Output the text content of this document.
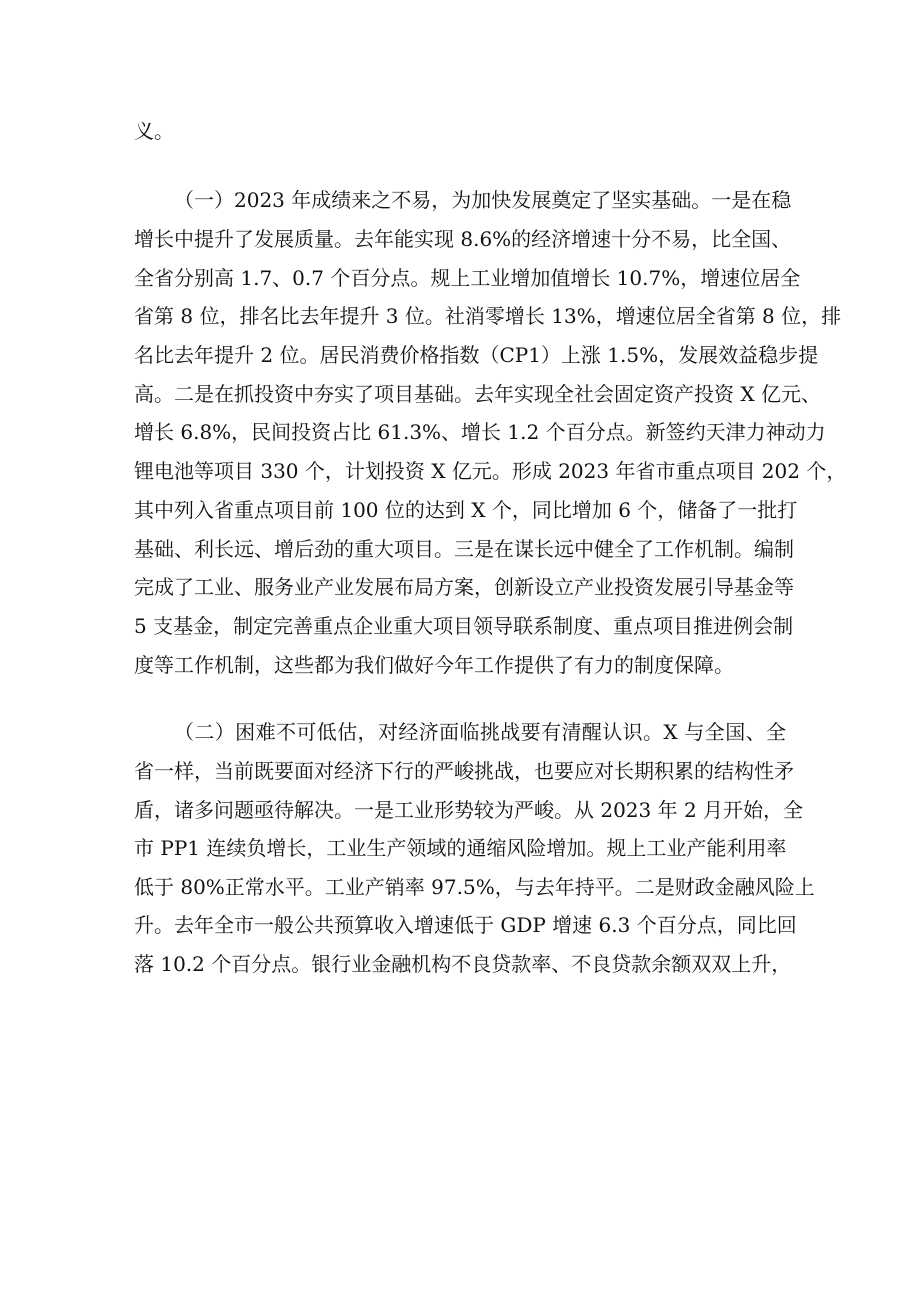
义。
（一）2023 年成绩来之不易，为加快发展奠定了坚实基础。一是在稳
增长中提升了发展质量。去年能实现 8.6%的经济增速十分不易，比全国、
全省分别高 1.7、0.7 个百分点。规上工业增加值增长 10.7%，增速位居全
省第 8 位，排名比去年提升 3 位。社消零增长 13%，增速位居全省第 8 位，排
名比去年提升 2 位。居民消费价格指数（CP1）上涨 1.5%，发展效益稳步提
高。二是在抓投资中夯实了项目基础。去年实现全社会固定资产投资 X 亿元、
增长 6.8%，民间投资占比 61.3%、增长 1.2 个百分点。新签约天津力神动力
锂电池等项目 330 个，计划投资 X 亿元。形成 2023 年省市重点项目 202 个，
其中列入省重点项目前 100 位的达到 X 个，同比增加 6 个，储备了一批打
基础、利长远、增后劲的重大项目。三是在谋长远中健全了工作机制。编制
完成了工业、服务业产业发展布局方案，创新设立产业投资发展引导基金等
5 支基金，制定完善重点企业重大项目领导联系制度、重点项目推进例会制
度等工作机制，这些都为我们做好今年工作提供了有力的制度保障。
（二）困难不可低估，对经济面临挑战要有清醒认识。X 与全国、全
省一样，当前既要面对经济下行的严峻挑战，也要应对长期积累的结构性矛
盾，诸多问题亟待解决。一是工业形势较为严峻。从 2023 年 2 月开始，全
市 PP1 连续负增长，工业生产领域的通缩风险增加。规上工业产能利用率
低于 80%正常水平。工业产销率 97.5%，与去年持平。二是财政金融风险上
升。去年全市一般公共预算收入增速低于 GDP 增速 6.3 个百分点，同比回
落 10.2 个百分点。银行业金融机构不良贷款率、不良贷款余额双双上升，
